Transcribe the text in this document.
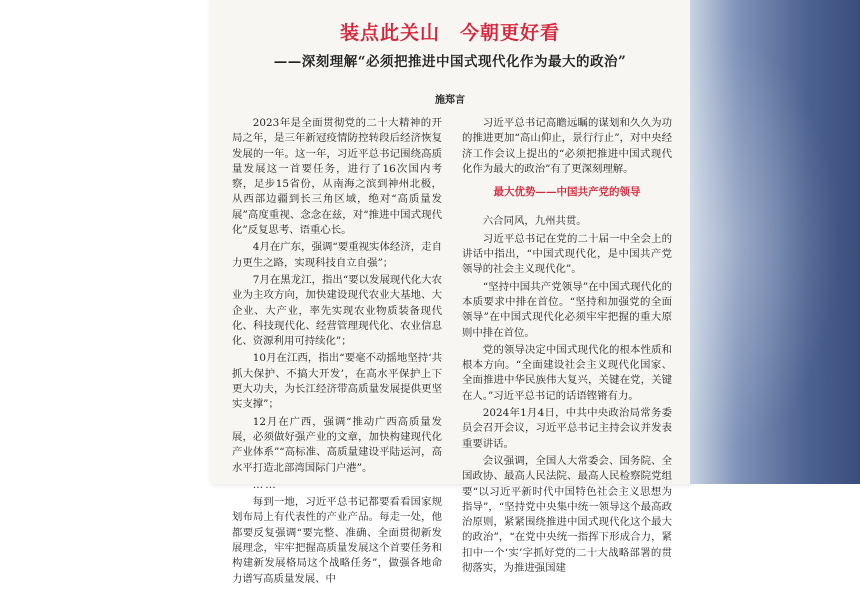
装点此关山　今朝更好看
——深刻理解“必须把推进中国式现代化作为最大的政治”
施郑言

2023年是全面贯彻党的二十大精神的开局之年，是三年新冠疫情防控转段后经济恢复发展的一年。这一年，习近平总书记围绕高质量发展这一首要任务，进行了16次国内考察，足步15省份，从南海之滨到神州北极，从西部边疆到长三角区域，绝对“高质量发展”高度重视、念念在兹，对“推进中国式现代化”反复思考、语重心长。

4月在广东，强调“要重视实体经济，走自力更生之路，实现科技自立自强”；

7月在黑龙江，指出“要以发展现代化大农业为主攻方向，加快建设现代农业大基地、大企业、大产业，率先实现农业物质装备现代化、科技现代化、经营管理现代化、农业信息化、资源利用可持续化”；

10月在江西，指出“要毫不动摇地坚持‘共抓大保护、不搞大开发’，在高水平保护上下更大功夫，为长江经济带高质量发展提供更坚实支撑”；

12月在广西，强调“推动广西高质量发展，必须做好强产业的文章，加快构建现代化产业体系”“高标准、高质量建设平陆运河，高水平打造北部湾国际门户港”。

……

每到一地，习近平总书记都要看看国家规划布局上有代表性的产业产品。每走一处，他都要反复强调“要完整、准确、全面贯彻新发展理念，牢牢把握高质量发展这个首要任务和构建新发展格局这个战略任务”，做强各地命力谱写高质量发展、中

习近平总书记高瞻远瞩的谋划和久久为功的推进更加“高山仰止，景行行止”，对中央经济工作会议上提出的“必须把推进中国式现代化作为最大的政治”有了更深刻理解。

最大优势——中国共产党的领导

六合同风，九州共贯。

习近平总书记在党的二十届一中全会上的讲话中指出，“中国式现代化，是中国共产党领导的社会主义现代化”。

“坚持中国共产党领导”在中国式现代化的本质要求中排在首位。“坚持和加强党的全面领导”在中国式现代化必须牢牢把握的重大原则中排在首位。

党的领导决定中国式现代化的根本性质和根本方向。“全面建设社会主义现代化国家、全面推进中华民族伟大复兴，关键在党，关键在人。”习近平总书记的话语铿锵有力。

2024年1月4日，中共中央政治局常务委员会召开会议，习近平总书记主持会议并发表重要讲话。

会议强调，全国人大常委会、国务院、全国政协、最高人民法院、最高人民检察院党组要“以习近平新时代中国特色社会主义思想为指导”，“坚持党中央集中统一领导这个最高政治原则，紧紧围绕推进中国式现代化这个最大的政治”，“在党中央统一指挥下形成合力，紧扣中一个‘实’字抓好党的二十大战略部署的贯彻落实，为推进强国建
